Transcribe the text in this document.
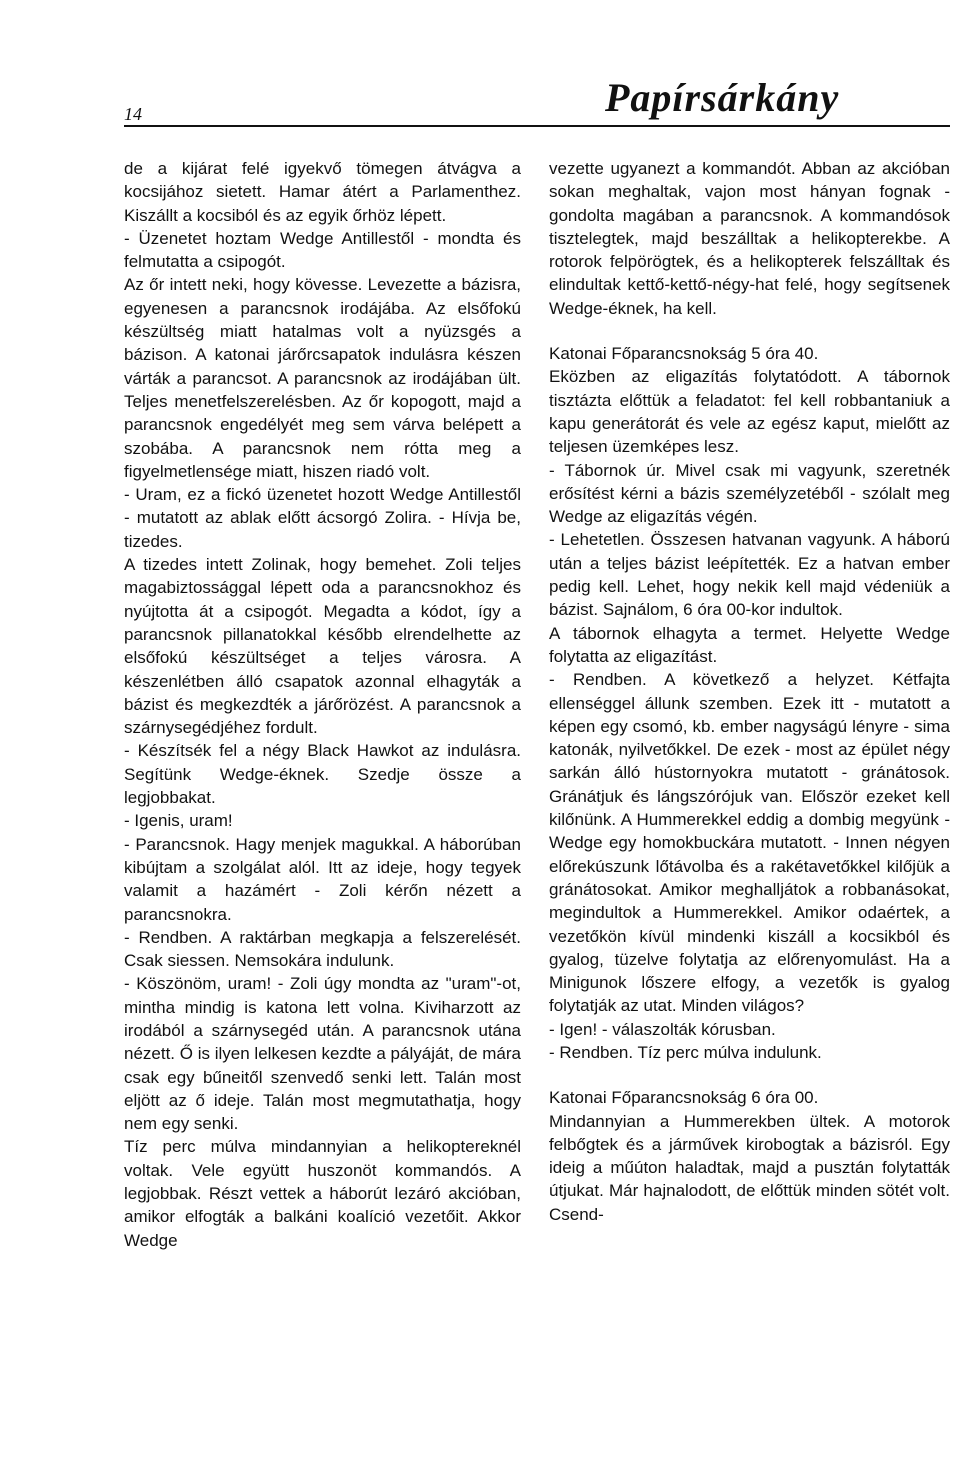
14	Papírsárkány

de a kijárat felé igyekvő tömegen átvágva a kocsijához sietett. Hamar átért a Parlamenthez. Kiszállt a kocsiból és az egyik őrhöz lépett.

- Üzenetet hoztam Wedge Antillestől - mondta és felmutatta a csipogót.

Az őr intett neki, hogy kövesse. Levezette a bázisra, egyenesen a parancsnok irodájába. Az elsőfokú készültség miatt hatalmas volt a nyüzsgés a bázison. A katonai járőrcsapatok indulásra készen várták a parancsot. A parancsnok az irodájában ült. Teljes menetfelszerelésben. Az őr kopogott, majd a parancsnok engedélyét meg sem várva belépett a szobába. A parancsnok nem rótta meg a figyelmetlensége miatt, hiszen riadó volt.

- Uram, ez a fickó üzenetet hozott Wedge Antillestől - mutatott az ablak előtt ácsorgó Zolira. - Hívja be, tizedes.

A tizedes intett Zolinak, hogy bemehet. Zoli teljes magabiztossággal lépett oda a parancsnokhoz és nyújtotta át a csipogót. Megadta a kódot, így a parancsnok pillanatokkal később elrendelhette az elsőfokú készültséget a teljes városra. A készenlétben álló csapatok azonnal elhagyták a bázist és megkezdték a járőrözést. A parancsnok a szárnysegédjéhez fordult.

- Készítsék fel a négy Black Hawkot az indulásra. Segítünk Wedge-éknek. Szedje össze a legjobbakat.

- Igenis, uram!

- Parancsnok. Hagy menjek magukkal. A háborúban kibújtam a szolgálat alól. Itt az ideje, hogy tegyek valamit a hazámért - Zoli kérőn nézett a parancsnokra.

- Rendben. A raktárban megkapja a felszerelését. Csak siessen. Nemsokára indulunk.

- Köszönöm, uram! - Zoli úgy mondta az "uram"-ot, mintha mindig is katona lett volna. Kiviharzott az irodából a szárnysegéd után. A parancsnok utána nézett. Ő is ilyen lelkesen kezdte a pályáját, de mára csak egy bűneitől szenvedő senki lett. Talán most eljött az ő ideje. Talán most megmutathatja, hogy nem egy senki.

Tíz perc múlva mindannyian a helikoptereknél voltak. Vele együtt huszonöt kommandós. A legjobbak. Részt vettek a háborút lezáró akcióban, amikor elfogták a balkáni koalíció vezetőit. Akkor Wedge

vezette ugyanezt a kommandót. Abban az akcióban sokan meghaltak, vajon most hányan fognak - gondolta magában a parancsnok. A kommandósok tisztelegtek, majd beszálltak a helikopterekbe. A rotorok felpörögtek, és a helikopterek felszálltak és elindultak kettő-kettő-négy-hat felé, hogy segítsenek Wedge-éknek, ha kell.

Katonai Főparancsnokság 5 óra 40.

Eközben az eligazítás folytatódott. A tábornok tisztázta előttük a feladatot: fel kell robbantaniuk a kapu generátorát és vele az egész kaput, mielőtt az teljesen üzemképes lesz.

- Tábornok úr. Mivel csak mi vagyunk, szeretnék erősítést kérni a bázis személyzetéből - szólalt meg Wedge az eligazítás végén.

- Lehetetlen. Összesen hatvanan vagyunk. A háború után a teljes bázist leépítették. Ez a hatvan ember pedig kell. Lehet, hogy nekik kell majd védeniük a bázist. Sajnálom, 6 óra 00-kor indultok.

A tábornok elhagyta a termet. Helyette Wedge folytatta az eligazítást.

- Rendben. A következő a helyzet. Kétfajta ellenséggel állunk szemben. Ezek itt - mutatott a képen egy csomó, kb. ember nagyságú lényre - sima katonák, nyilvetőkkel. De ezek - most az épület négy sarkán álló hústornyokra mutatott - gránátosok. Gránátjuk és lángszórójuk van. Először ezeket kell kilőnünk. A Hummerekkel eddig a dombig megyünk - Wedge egy homokbuckára mutatott. - Innen négyen előrekúszunk lőtávolba és a rakétavetőkkel kilőjük a gránátosokat. Amikor meghalljátok a robbanásokat, megindultok a Hummerekkel. Amikor odaértek, a vezetőkön kívül mindenki kiszáll a kocsikból és gyalog, tüzelve folytatja az előrenyomulást. Ha a Minigunok lőszere elfogy, a vezetők is gyalog folytatják az utat. Minden világos?

- Igen! - válaszolták kórusban.

- Rendben. Tíz perc múlva indulunk.

Katonai Főparancsnokság 6 óra 00.

Mindannyian a Hummerekben ültek. A motorok felbőgtek és a járművek kirobogtak a bázisról. Egy ideig a műúton haladtak, majd a pusztán folytatták útjukat. Már hajnalodott, de előttük minden sötét volt. Csend-
